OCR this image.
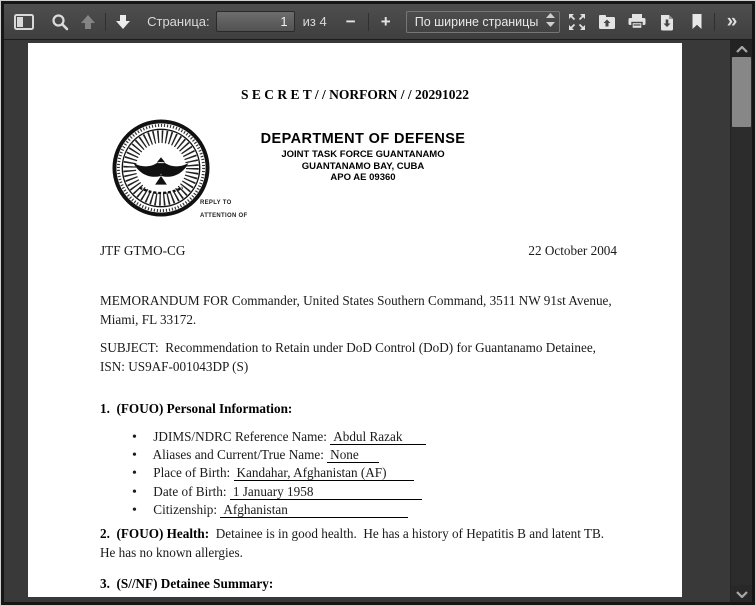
Страница:
1	из 4	−	+	По ширине страницы	»
S E C R E T / / NORFORN / / 20291022
DEPARTMENT OF DEFENSE
JOINT TASK FORCE GUANTANAMO
GUANTANAMO BAY, CUBA
APO AE 09360
REPLY TO
ATTENTION OF
JTF GTMO-CG	22 October 2004

MEMORANDUM FOR Commander, United States Southern Command, 3511 NW 91st Avenue,
Miami, FL 33172.

SUBJECT:  Recommendation to Retain under DoD Control (DoD) for Guantanamo Detainee,
ISN: US9AF-001043DP (S)

1.  (FOUO) Personal Information:

• JDIMS/NDRC Reference Name: Abdul Razak
• Aliases and Current/True Name: None
• Place of Birth: Kandahar, Afghanistan (AF)
• Date of Birth: 1 January 1958
• Citizenship: Afghanistan

2.  (FOUO) Health:  Detainee is in good health.  He has a history of Hepatitis B and latent TB.
He has no known allergies.

3.  (S//NF) Detainee Summary:
